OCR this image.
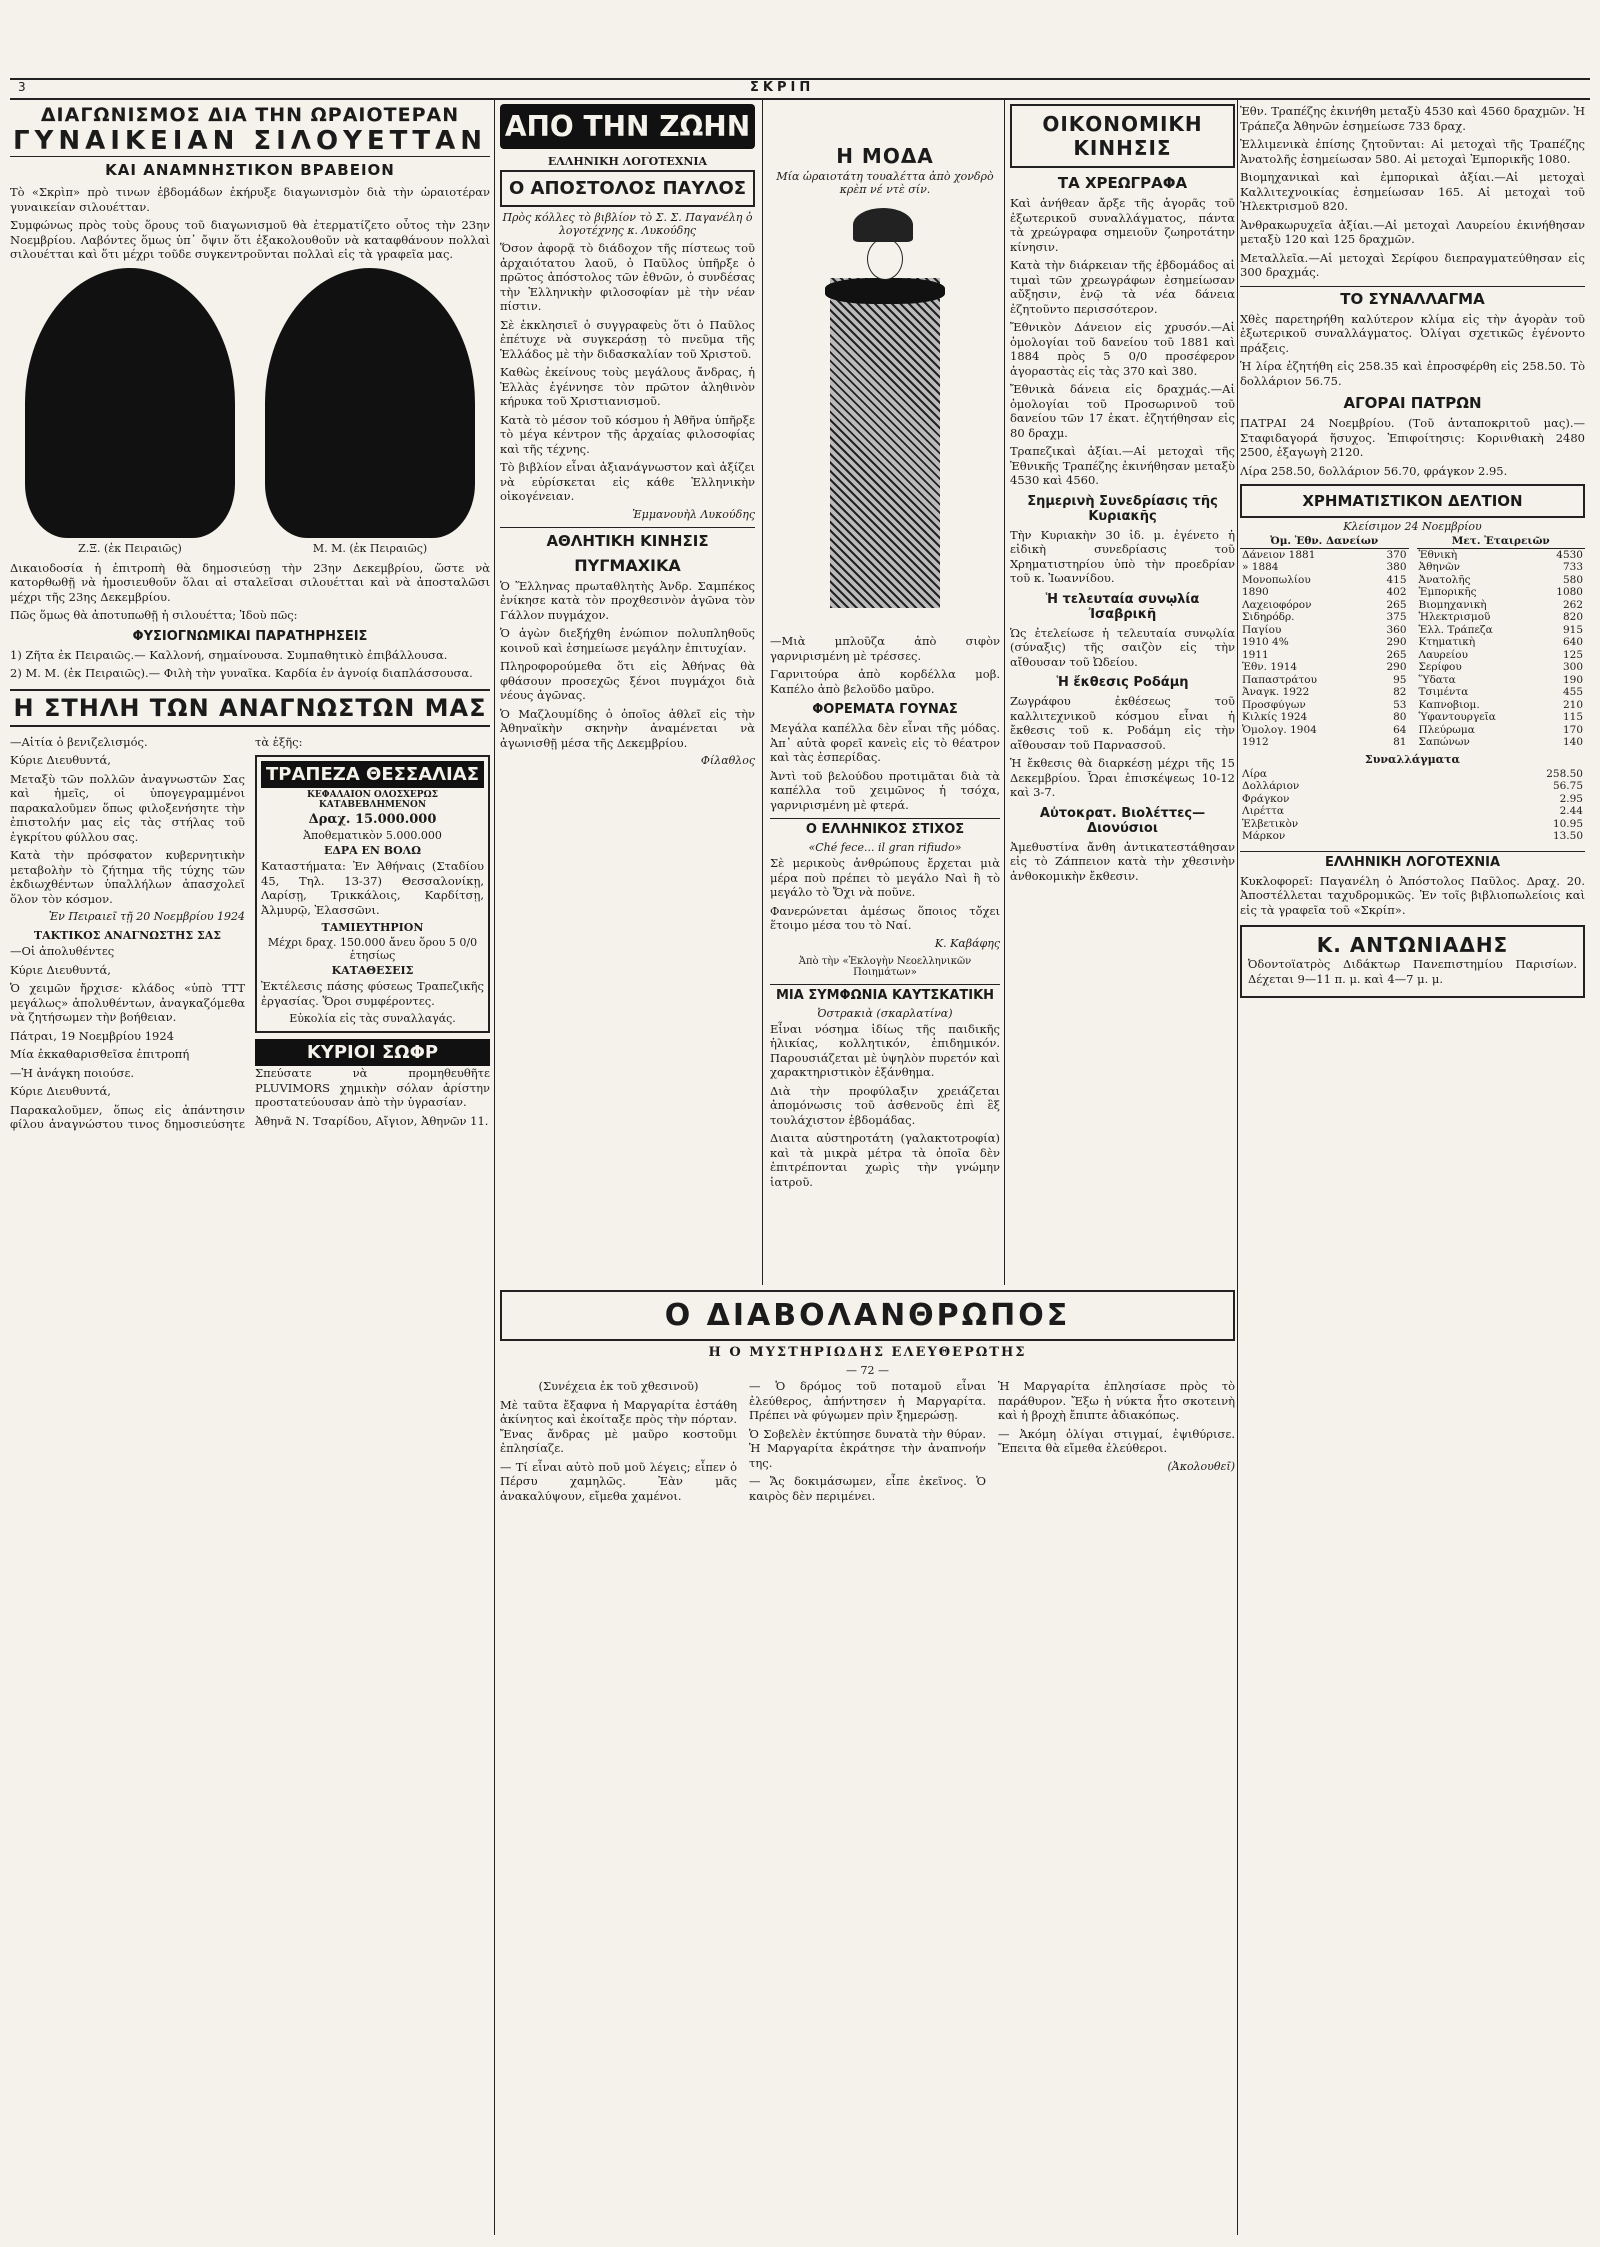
3	ΣΚΡΙΠ
ΔΙΑΓΩΝΙΣΜΟΣ ΔΙΑ ΤΗΝ ΩΡΑΙΟΤΕΡΑΝ
ΓΥΝΑΙΚΕΙΑΝ ΣΙΛΟΥΕΤΤΑΝ
ΚΑΙ ΑΝΑΜΝΗΣΤΙΚΟΝ ΒΡΑΒΕΙΟΝ

Τὸ «Σκρὶπ» πρὸ τινων ἑβδομάδων ἐκήρυξε διαγωνισμὸν διὰ τὴν ὡραιοτέραν γυναικείαν σιλουέτταν.

Συμφώνως πρὸς τοὺς ὅρους τοῦ διαγωνισμοῦ θὰ ἐτερματίζετο οὗτος τὴν 23ην Νοεμβρίου. Λαβόντες ὅμως ὑπ᾿ ὄψιν ὅτι ἐξακολουθοῦν νὰ καταφθάνουν πολλαὶ σιλουέτται καὶ ὅτι μέχρι τοῦδε συγκεντροῦνται πολλαὶ εἰς τὰ γραφεῖα μας.

Ζ.Ξ. (ἐκ Πειραιῶς)	Μ. Μ. (ἐκ Πειραιῶς)

Δικαιοδοσία ἡ ἐπιτροπὴ θὰ δημοσιεύσῃ τὴν 23ην Δεκεμβρίου, ὥστε νὰ κατορθωθῇ νὰ ἡμοσιευθοῦν ὅλαι αἱ σταλεῖσαι σιλουέτται καὶ νὰ ἀποσταλῶσι μέχρι τῆς 23ης Δεκεμβρίου.

Πῶς ὅμως θὰ ἀποτυπωθῇ ἡ σιλουέττα; Ἰδοὺ πῶς:

ΦΥΣΙΟΓΝΩΜΙΚΑΙ ΠΑΡΑΤΗΡΗΣΕΙΣ

1) Ζῆτα ἐκ Πειραιῶς.— Καλλονή, σημαίνουσα. Συμπαθητικὸ ἐπιβάλλουσα.

2) Μ. Μ. (ἐκ Πειραιῶς).— Φιλὴ τὴν γυναῖκα. Καρδία ἐν ἁγνοίᾳ διαπλάσσουσα.

Η ΣΤΗΛΗ ΤΩΝ ΑΝΑΓΝΩΣΤΩΝ ΜΑΣ

—Αἰτία ὁ βενιζελισμός.

Κύριε Διευθυντά,

Μεταξὺ τῶν πολλῶν ἀναγνωστῶν Σας καὶ ἡμεῖς, οἱ ὑπογεγραμμένοι παρακαλοῦμεν ὅπως φιλοξενήσητε τὴν ἐπιστολήν μας εἰς τὰς στήλας τοῦ ἐγκρίτου φύλλου σας.

Κατὰ τὴν πρόσφατον κυβερνητικὴν μεταβολὴν τὸ ζήτημα τῆς τύχης τῶν ἐκδιωχθέντων ὑπαλλήλων ἀπασχολεῖ ὅλον τὸν κόσμον.

Ἐν Πειραιεῖ τῇ 20 Νοεμβρίου 1924
ΤΑΚΤΙΚΟΣ ΑΝΑΓΝΩΣΤΗΣ ΣΑΣ

—Οἱ ἀπολυθέντες

Κύριε Διευθυντά,

Ὁ χειμῶν ἤρχισε· κλάδος «ὑπὸ ΤΤΤ μεγάλως» ἀπολυθέντων, ἀναγκαζόμεθα νὰ ζητήσωμεν τὴν βοήθειαν.

Πάτραι, 19 Νοεμβρίου 1924

Μία ἐκκαθαρισθεῖσα ἐπιτροπή

—Ἡ ἀνάγκη ποιούσε.

Κύριε Διευθυντά,

Παρακαλοῦμεν, ὅπως εἰς ἀπάντησιν φίλου ἀναγνώστου τινος δημοσιεύσητε τὰ ἑξῆς:

ΤΡΑΠΕΖΑ ΘΕΣΣΑΛΙΑΣ
ΚΕΦΑΛΑΙΟΝ ΟΛΟΣΧΕΡΩΣ ΚΑΤΑΒΕΒΛΗΜΕΝΟΝ
Δραχ. 15.000.000
Ἀποθεματικὸν 5.000.000
ΕΔΡΑ ΕΝ ΒΟΛΩ

Καταστήματα: Ἐν Ἀθήναις (Σταδίου 45, Τηλ. 13-37) Θεσσαλονίκῃ, Λαρίσῃ, Τρικκάλοις, Καρδίτσῃ, Ἀλμυρῷ, Ἐλασσῶνι.

ΤΑΜΙΕΥΤΗΡΙΟΝ
Μέχρι δραχ. 150.000 ἄνευ ὅρου 5 0/0 ἐτησίως
ΚΑΤΑΘΕΣΕΙΣ

Ἐκτέλεσις πάσης φύσεως Τραπεζικῆς ἐργασίας. Ὅροι συμφέροντες.

Εὐκολία εἰς τὰς συναλλαγάς.
ΚΥΡΙΟΙ ΣΩΦΡ

Σπεύσατε νὰ προμηθευθῆτε PLUVIMORS χημικὴν σόλαν ἀρίστην προστατεύουσαν ἀπὸ τὴν ὑγρασίαν.

Ἀθηνᾶ Ν. Τσαρίδου, Αἴγιον, Ἀθηνῶν 11.

ΑΠΟ ΤΗΝ ΖΩΗΝ
ΕΛΛΗΝΙΚΗ ΛΟΓΟΤΕΧΝΙΑ
Ο ΑΠΟΣΤΟΛΟΣ ΠΑΥΛΟΣ
Πρὸς κόλλες τὸ βιβλίον τὸ Σ. Σ. Παγανέλη ὁ λογοτέχνης κ. Λυκούδης

Ὅσον ἀφορᾷ τὸ διάδοχον τῆς πίστεως τοῦ ἀρχαιότατου λαοῦ, ὁ Παῦλος ὑπῆρξε ὁ πρῶτος ἀπόστολος τῶν ἐθνῶν, ὁ συνδέσας τὴν Ἑλληνικὴν φιλοσοφίαν μὲ τὴν νέαν πίστιν.

Σὲ ἐκκλησιεῖ ὁ συγγραφεὺς ὅτι ὁ Παῦλος ἐπέτυχε νὰ συγκεράσῃ τὸ πνεῦμα τῆς Ἑλλάδος μὲ τὴν διδασκαλίαν τοῦ Χριστοῦ.

Καθὼς ἐκείνους τοὺς μεγάλους ἄνδρας, ἡ Ἑλλὰς ἐγέννησε τὸν πρῶτον ἀληθινὸν κήρυκα τοῦ Χριστιανισμοῦ.

Κατὰ τὸ μέσον τοῦ κόσμου ἡ Ἀθῆνα ὑπῆρξε τὸ μέγα κέντρον τῆς ἀρχαίας φιλοσοφίας καὶ τῆς τέχνης.

Τὸ βιβλίον εἶναι ἀξιανάγνωστον καὶ ἀξίζει νὰ εὑρίσκεται εἰς κάθε Ἑλληνικὴν οἰκογένειαν.

Ἐμμανουὴλ Λυκούδης
ΑΘΛΗΤΙΚΗ ΚΙΝΗΣΙΣ
ΠΥΓΜΑΧΙΚΑ

Ὁ Ἕλληνας πρωταθλητὴς Ἀνδρ. Σαμπέκος ἐνίκησε κατὰ τὸν προχθεσινὸν ἀγῶνα τὸν Γάλλον πυγμάχον.

Ὁ ἀγὼν διεξήχθη ἐνώπιον πολυπληθοῦς κοινοῦ καὶ ἐσημείωσε μεγάλην ἐπιτυχίαν.

Πληροφορούμεθα ὅτι εἰς Ἀθήνας θὰ φθάσουν προσεχῶς ξένοι πυγμάχοι διὰ νέους ἀγῶνας.

Ὁ Μαζλουμίδης ὁ ὁποῖος ἀθλεῖ εἰς τὴν Ἀθηναϊκὴν σκηνὴν ἀναμένεται νὰ ἀγωνισθῇ μέσα τῆς Δεκεμβρίου.

Φίλαθλος
Η ΜΟΔΑ
Μία ὡραιοτάτη τουαλέττα ἀπὸ χονδρὸ κρὲπ νέ ντὲ σίν.

—Μιὰ μπλοῦζα ἀπὸ σιφὸν γαρνιρισμένη μὲ τρέσσες.

Γαρνιτούρα ἀπὸ κορδέλλα μοβ. Καπέλο ἀπὸ βελοῦδο μαῦρο.

ΦΟΡΕΜΑΤΑ ΓΟΥΝΑΣ

Μεγάλα καπέλλα δὲν εἶναι τῆς μόδας. Ἀπ᾿ αὐτὰ φορεῖ κανεὶς εἰς τὸ θέατρον καὶ τὰς ἐσπερίδας.

Ἀντὶ τοῦ βελούδου προτιμᾶται διὰ τὰ καπέλλα τοῦ χειμῶνος ἡ τσόχα, γαρνιρισμένη μὲ φτερά.

Ο ΕΛΛΗΝΙΚΟΣ ΣΤΙΧΟΣ
«Ché fece... il gran rifiudo»

Σὲ μερικοὺς ἀνθρώπους ἔρχεται μιὰ μέρα ποὺ πρέπει τὸ μεγάλο Ναὶ ἢ τὸ μεγάλο τὸ Ὄχι νὰ ποῦνε.

Φανερώνεται ἀμέσως ὅποιος τὄχει ἕτοιμο μέσα του τὸ Ναί.

Κ. Καβάφης
Ἀπὸ τὴν «Ἐκλογὴν Νεοελληνικῶν Ποιημάτων»
ΜΙΑ ΣΥΜΦΩΝΙΑ ΚΑΥΤΣΚΑΤΙΚΗ
Ὀστρακιὰ (σκαρλατίνα)

Εἶναι νόσημα ἰδίως τῆς παιδικῆς ἡλικίας, κολλητικόν, ἐπιδημικόν. Παρουσιάζεται μὲ ὑψηλὸν πυρετόν καὶ χαρακτηριστικὸν ἐξάνθημα.

Διὰ τὴν προφύλαξιν χρειάζεται ἀπομόνωσις τοῦ ἀσθενοῦς ἐπὶ ἓξ τουλάχιστον ἑβδομάδας.

Διαιτα αὐστηροτάτη (γαλακτοτροφία) καὶ τὰ μικρὰ μέτρα τὰ ὁποῖα δὲν ἐπιτρέπονται χωρὶς τὴν γνώμην ἰατροῦ.

ΟΙΚΟΝΟΜΙΚΗ ΚΙΝΗΣΙΣ
ΤΑ ΧΡΕΩΓΡΑΦΑ

Καὶ ἀνήθεαν ἄρξε τῆς ἀγορᾶς τοῦ ἐξωτερικοῦ συναλλάγματος, πάντα τὰ χρεώγραφα σημειοῦν ζωηροτάτην κίνησιν.

Κατὰ τὴν διάρκειαν τῆς ἑβδομάδος αἱ τιμαὶ τῶν χρεωγράφων ἐσημείωσαν αὔξησιν, ἐνῷ τὰ νέα δάνεια ἐζητοῦντο περισσότερον.

Ἔθνικὸν Δάνειον εἰς χρυσόν.—Αἱ ὁμολογίαι τοῦ δανείου τοῦ 1881 καὶ 1884 πρὸς 5 0/0 προσέφερον ἀγοραστὰς εἰς τὰς 370 καὶ 380.

Ἔθνικὰ δάνεια εἰς δραχμάς.—Αἱ ὁμολογίαι τοῦ Προσωρινοῦ τοῦ δανείου τῶν 17 ἑκατ. ἐζητήθησαν εἰς 80 δραχμ.

Τραπεζικαὶ ἀξίαι.—Αἱ μετοχαὶ τῆς Ἐθνικῆς Τραπέζης ἐκινήθησαν μεταξὺ 4530 καὶ 4560.

Σημερινὴ Συνεδρίασις τῆς Κυριακῆς

Τὴν Κυριακὴν 30 ἰδ. μ. ἐγένετο ἡ εἰδικὴ συνεδρίασις τοῦ Χρηματιστηρίου ὑπὸ τὴν προεδρίαν τοῦ κ. Ἰωαννίδου.

Ἡ τελευταία συνῳλία Ἰσαβρικῆ

Ὡς ἐτελείωσε ἡ τελευταία συνῳλία (σύναξις) τῆς σαιζὸν εἰς τὴν αἴθουσαν τοῦ Ὠδείου.

Ἡ ἔκθεσις Ροδάμη

Ζωγράφου ἐκθέσεως τοῦ καλλιτεχνικοῦ κόσμου εἶναι ἡ ἔκθεσις τοῦ κ. Ροδάμη εἰς τὴν αἴθουσαν τοῦ Παρνασσοῦ.

Ἡ ἔκθεσις θὰ διαρκέσῃ μέχρι τῆς 15 Δεκεμβρίου. Ὧραι ἐπισκέψεως 10-12 καὶ 3-7.

Αὐτοκρατ. Βιολέττες—Διονύσιοι

Ἀμεθυστίνα ἄνθη ἀντικατεστάθησαν εἰς τὸ Ζάππειον κατὰ τὴν χθεσινὴν ἀνθοκομικὴν ἔκθεσιν.

Ἐθν. Τραπέζης ἐκινήθη μεταξὺ 4530 καὶ 4560 δραχμῶν. Ἡ Τράπεζα Ἀθηνῶν ἐσημείωσε 733 δραχ.

Ἐλλιμενικὰ ἐπίσης ζητοῦνται: Αἱ μετοχαὶ τῆς Τραπέζης Ἀνατολῆς ἐσημείωσαν 580. Αἱ μετοχαὶ Ἐμπορικῆς 1080.

Βιομηχανικαὶ καὶ ἐμπορικαὶ ἀξίαι.—Αἱ μετοχαὶ Καλλιτεχνοικίας ἐσημείωσαν 165. Αἱ μετοχαὶ τοῦ Ἠλεκτρισμοῦ 820.

Ἀνθρακωρυχεῖα ἀξίαι.—Αἱ μετοχαὶ Λαυρείου ἐκινήθησαν μεταξὺ 120 καὶ 125 δραχμῶν.

Μεταλλεῖα.—Αἱ μετοχαὶ Σερίφου διεπραγματεύθησαν εἰς 300 δραχμάς.

ΤΟ ΣΥΝΑΛΛΑΓΜΑ

Χθὲς παρετηρήθη καλύτερον κλίμα εἰς τὴν ἀγορὰν τοῦ ἐξωτερικοῦ συναλλάγματος. Ὀλίγαι σχετικῶς ἐγένοντο πράξεις.

Ἡ λίρα ἐζητήθη εἰς 258.35 καὶ ἐπροσφέρθη εἰς 258.50. Τὸ δολλάριον 56.75.

ΑΓΟΡΑΙ ΠΑΤΡΩΝ

ΠΑΤΡΑΙ 24 Νοεμβρίου. (Τοῦ ἀνταποκριτοῦ μας).—Σταφιδαγορά ἥσυχος. Ἐπιφοίτησις: Κορινθιακὴ 2480 2500, ἐξαγωγὴ 2120.

Λίρα 258.50, δολλάριον 56.70, φράγκον 2.95.

ΧΡΗΜΑΤΙΣΤΙΚΟΝ ΔΕΛΤΙΟΝ
Κλείσιμον 24 Νοεμβρίου
Ὀμ. Ἐθν. Δανείων	
Δάνειον 1881	370
» 1884	380
Μονοπωλίου	415
1890	402
Λαχειοφόρον	265
Σιδηρόδρ.	375
Παγίου	360
1910 4%	290
1911	265
Ἐθν. 1914	290
Παπαστράτου	95
Ἀναγκ. 1922	82
Προσφύγων	53
Κιλκίς 1924	80
Ὁμολογ. 1904	64
1912	81
Μετ. Ἐταιρειῶν	
Ἐθνικὴ	4530
Ἀθηνῶν	733
Ἀνατολῆς	580
Ἐμπορικῆς	1080
Βιομηχανικὴ	262
Ἠλεκτρισμοῦ	820
Ἑλλ. Τράπεζα	915
Κτηματικὴ	640
Λαυρείου	125
Σερίφου	300
Ὕδατα	190
Τσιμέντα	455
Καπνοβιομ.	210
Ὑφαντουργεῖα	115
Πλεύρωμα	170
Σαπώνων	140
Συναλλάγματα
Λίρα	258.50
Δολλάριον	56.75
Φράγκον	2.95
Λιρέττα	2.44
Ἑλβετικὸν	10.95
Μάρκον	13.50
ΕΛΛΗΝΙΚΗ ΛΟΓΟΤΕΧΝΙΑ

Κυκλοφορεῖ: Παγανέλη ὁ Ἀπόστολος Παῦλος. Δραχ. 20. Ἀποστέλλεται ταχυδρομικῶς. Ἐν τοῖς βιβλιοπωλείοις καὶ εἰς τὰ γραφεῖα τοῦ «Σκρίπ».

Κ. ΑΝΤΩΝΙΑΔΗΣ

Ὀδοντοϊατρὸς Διδάκτωρ Πανεπιστημίου Παρισίων. Δέχεται 9—11 π. μ. καὶ 4—7 μ. μ.

Ο ΔΙΑΒΟΛΑΝΘΡΩΠΟΣ
Η Ο ΜΥΣΤΗΡΙΩΔΗΣ ΕΛΕΥΘΕΡΩΤΗΣ
— 72 —

(Συνέχεια ἐκ τοῦ χθεσινοῦ)

Μὲ ταῦτα ἔξαφνα ἡ Μαργαρίτα ἐστάθη ἀκίνητος καὶ ἐκοίταξε πρὸς τὴν πόρταν. Ἔνας ἄνδρας μὲ μαῦρο κοστοῦμι ἐπλησίαζε.

— Τί εἶναι αὐτὸ ποῦ μοῦ λέγεις; εἶπεν ὁ Πέρσυ χαμηλῶς. Ἐὰν μᾶς ἀνακαλύψουν, εἴμεθα χαμένοι.

— Ὁ δρόμος τοῦ ποταμοῦ εἶναι ἐλεύθερος, ἀπήντησεν ἡ Μαργαρίτα. Πρέπει νὰ φύγωμεν πρὶν ξημερώσῃ.

Ὁ Σοβελὲν ἐκτύπησε δυνατὰ τὴν θύραν. Ἡ Μαργαρίτα ἐκράτησε τὴν ἀναπνοήν της.

— Ἄς δοκιμάσωμεν, εἶπε ἐκεῖνος. Ὁ καιρὸς δὲν περιμένει.

Ἡ Μαργαρίτα ἐπλησίασε πρὸς τὸ παράθυρον. Ἔξω ἡ νύκτα ἦτο σκοτεινὴ καὶ ἡ βροχὴ ἔπιπτε ἀδιακόπως.

— Ἀκόμη ὀλίγαι στιγμαί, ἐψιθύρισε. Ἔπειτα θὰ εἴμεθα ἐλεύθεροι.

(Ἀκολουθεῖ)
